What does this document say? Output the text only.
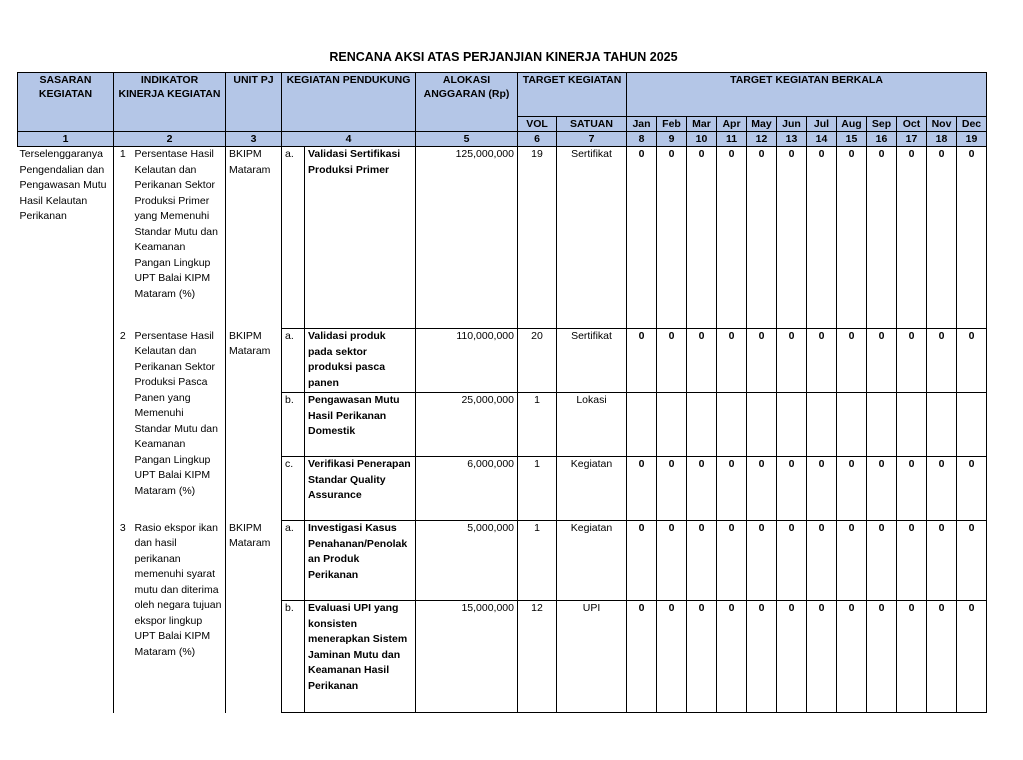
RENCANA AKSI ATAS PERJANJIAN KINERJA TAHUN 2025
SASARAN KEGIATAN	INDIKATOR KINERJA KEGIATAN		UNIT PJ	KEGIATAN PENDUKUNG		ALOKASI ANGGARAN (Rp)	TARGET KEGIATAN		TARGET KEGIATAN BERKALA											
							VOL	SATUAN	Jan	Feb	Mar	Apr	May	Jun	Jul	Aug	Sep	Oct	Nov	Dec
1	2		3	4		5	6	7	8	9	10	11	12	13	14	15	16	17	18	19
Terselenggaranya Pengendalian dan Pengawasan Mutu Hasil Kelautan Perikanan	1	Persentase Hasil Kelautan dan Perikanan Sektor Produksi Primer yang Memenuhi Standar Mutu dan Keamanan Pangan Lingkup UPT Balai KIPM Mataram (%)	BKIPM Mataram	a.	Validasi Sertifikasi Produksi Primer	125,000,000	19	Sertifikat	0	0	0	0	0	0	0	0	0	0	0	0
	2	Persentase Hasil Kelautan dan Perikanan Sektor Produksi Pasca Panen yang Memenuhi Standar Mutu dan Keamanan Pangan Lingkup UPT Balai KIPM Mataram (%)	BKIPM Mataram	a.	Validasi produk pada sektor produksi pasca panen	110,000,000	20	Sertifikat	0	0	0	0	0	0	0	0	0	0	0	0
				b.	Pengawasan Mutu Hasil Perikanan Domestik	25,000,000	1	Lokasi												
				c.	Verifikasi Penerapan Standar Quality Assurance	6,000,000	1	Kegiatan	0	0	0	0	0	0	0	0	0	0	0	0
	3	Rasio ekspor ikan dan hasil perikanan memenuhi syarat mutu dan diterima oleh negara tujuan ekspor lingkup UPT Balai KIPM Mataram (%)	BKIPM Mataram	a.	Investigasi Kasus Penahanan/Penolakan Produk Perikanan	5,000,000	1	Kegiatan	0	0	0	0	0	0	0	0	0	0	0	0
				b.	Evaluasi UPI yang konsisten menerapkan Sistem Jaminan Mutu dan Keamanan Hasil Perikanan	15,000,000	12	UPI	0	0	0	0	0	0	0	0	0	0	0	0
